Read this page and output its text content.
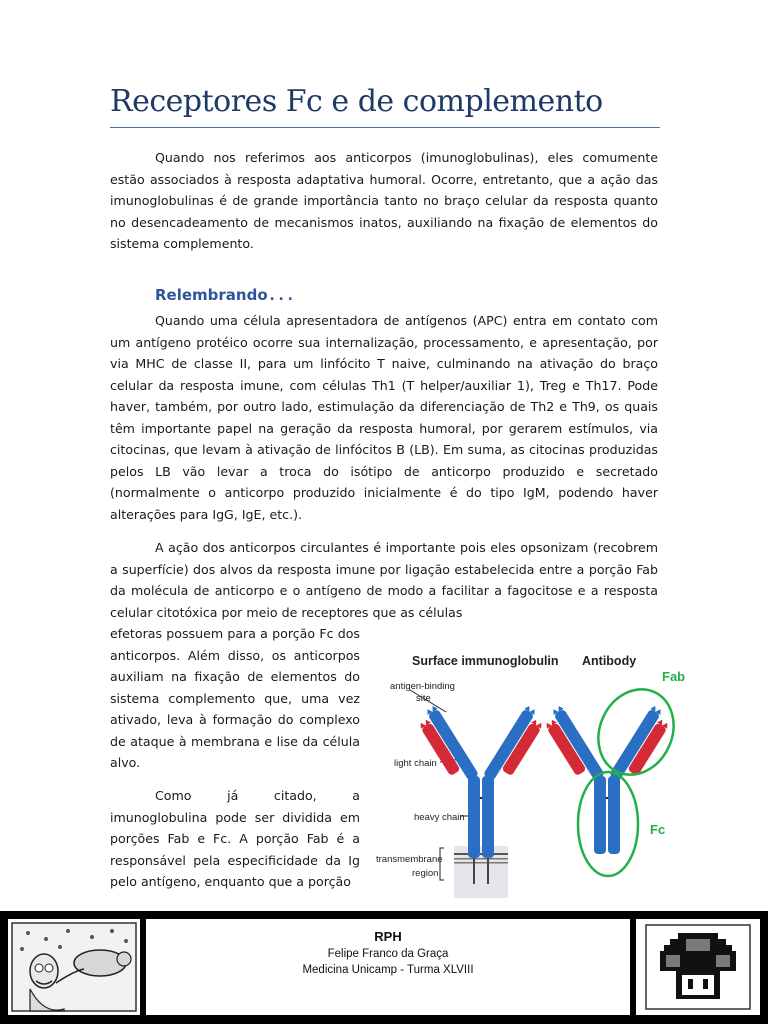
Receptores Fc e de complemento

Quando nos referimos aos anticorpos (imunoglobulinas), eles comumente estão associados à resposta adaptativa humoral. Ocorre, entretanto, que a ação das imunoglobulinas é de grande importância tanto no braço celular da resposta quanto no desencadeamento de mecanismos inatos, auxiliando na fixação de elementos do sistema complemento.

Relembrando...

Quando uma célula apresentadora de antígenos (APC) entra em contato com um antígeno protéico ocorre sua internalização, processamento, e apresentação, por via MHC de classe II, para um linfócito T naive, culminando na ativação do braço celular da resposta imune, com células Th1 (T helper/auxiliar 1), Treg e Th17. Pode haver, também, por outro lado, estimulação da diferenciação de Th2 e Th9, os quais têm importante papel na geração da resposta humoral, por gerarem estímulos, via citocinas, que levam à ativação de linfócitos B (LB). Em suma, as citocinas produzidas pelos LB vão levar a troca do isótipo de anticorpo produzido e secretado (normalmente o anticorpo produzido inicialmente é do tipo IgM, podendo haver alterações para IgG, IgE, etc.).

A ação dos anticorpos circulantes é importante pois eles opsonizam (recobrem a superfície) dos alvos da resposta imune por ligação estabelecida entre a porção Fab da molécula de anticorpo e o antígeno de modo a facilitar a fagocitose e a resposta celular citotóxica por meio de receptores que as células

efetoras possuem para a porção Fc dos anticorpos. Além disso, os anticorpos auxiliam na fixação de elementos do sistema complemento que, uma vez ativado, leva à formação do complexo de ataque à membrana e lise da célula alvo.

Como já citado, a imunoglobulina pode ser dividida em porções Fab e Fc. A porção Fab é a responsável pela especificidade da Ig pelo antígeno, enquanto que a porção

Surface immunoglobulin Antibody
Fab
Fc
antigen-binding
site
light chain
heavy chain
transmembrane
region
RPH
Felipe Franco da Graça
Medicina Unicamp - Turma XLVIII
